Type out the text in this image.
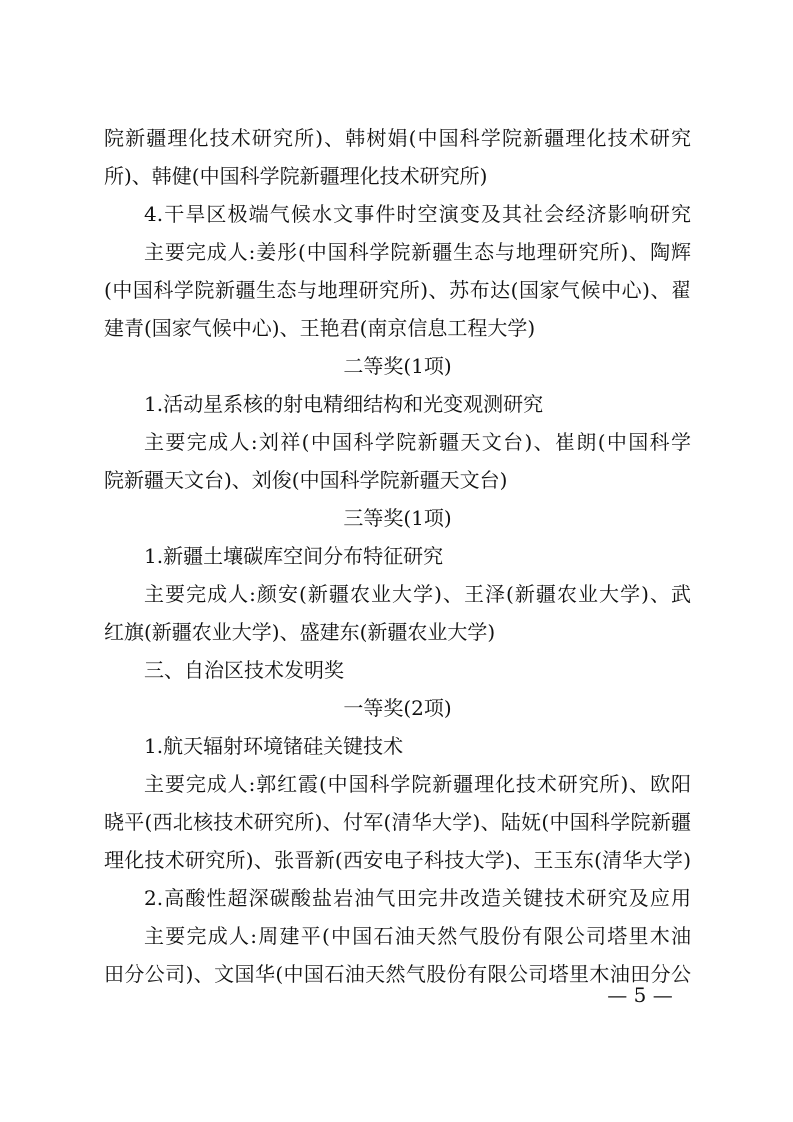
院新疆理化技术研究所)、韩树娟(中国科学院新疆理化技术研究
所)、韩健(中国科学院新疆理化技术研究所)
4.干旱区极端气候水文事件时空演变及其社会经济影响研究
主要完成人:姜彤(中国科学院新疆生态与地理研究所)、陶辉
(中国科学院新疆生态与地理研究所)、苏布达(国家气候中心)、翟
建青(国家气候中心)、王艳君(南京信息工程大学)
二等奖(1项)
1.活动星系核的射电精细结构和光变观测研究
主要完成人:刘祥(中国科学院新疆天文台)、崔朗(中国科学
院新疆天文台)、刘俊(中国科学院新疆天文台)
三等奖(1项)
1.新疆土壤碳库空间分布特征研究
主要完成人:颜安(新疆农业大学)、王泽(新疆农业大学)、武
红旗(新疆农业大学)、盛建东(新疆农业大学)
三、自治区技术发明奖
一等奖(2项)
1.航天辐射环境锗硅关键技术
主要完成人:郭红霞(中国科学院新疆理化技术研究所)、欧阳
晓平(西北核技术研究所)、付军(清华大学)、陆妩(中国科学院新疆
理化技术研究所)、张晋新(西安电子科技大学)、王玉东(清华大学)
2.高酸性超深碳酸盐岩油气田完井改造关键技术研究及应用
主要完成人:周建平(中国石油天然气股份有限公司塔里木油
田分公司)、文国华(中国石油天然气股份有限公司塔里木油田分公
— 5 —
